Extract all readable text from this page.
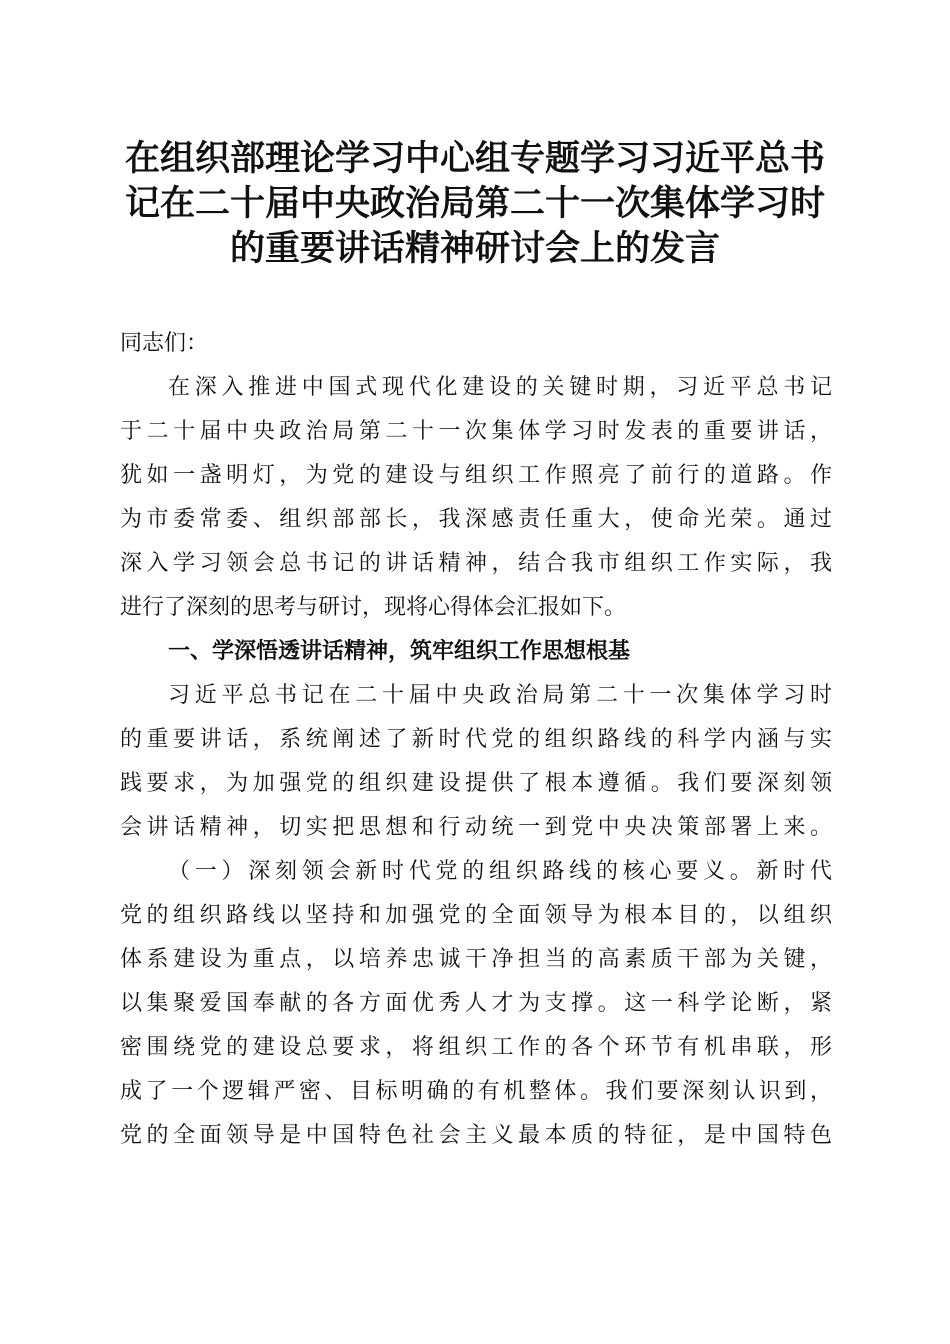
在组织部理论学习中心组专题学习习近平总书
记在二十届中央政治局第二十一次集体学习时
的重要讲话精神研讨会上的发言
同志们：
在深入推进中国式现代化建设的关键时期，习近平总书记
于二十届中央政治局第二十一次集体学习时发表的重要讲话，
犹如一盏明灯，为党的建设与组织工作照亮了前行的道路。作
为市委常委、组织部部长，我深感责任重大，使命光荣。通过
深入学习领会总书记的讲话精神，结合我市组织工作实际，我
进行了深刻的思考与研讨，现将心得体会汇报如下。
一、学深悟透讲话精神，筑牢组织工作思想根基
习近平总书记在二十届中央政治局第二十一次集体学习时
的重要讲话，系统阐述了新时代党的组织路线的科学内涵与实
践要求，为加强党的组织建设提供了根本遵循。我们要深刻领
会讲话精神，切实把思想和行动统一到党中央决策部署上来。
（一）深刻领会新时代党的组织路线的核心要义。新时代
党的组织路线以坚持和加强党的全面领导为根本目的，以组织
体系建设为重点，以培养忠诚干净担当的高素质干部为关键，
以集聚爱国奉献的各方面优秀人才为支撑。这一科学论断，紧
密围绕党的建设总要求，将组织工作的各个环节有机串联，形
成了一个逻辑严密、目标明确的有机整体。我们要深刻认识到，
党的全面领导是中国特色社会主义最本质的特征，是中国特色
